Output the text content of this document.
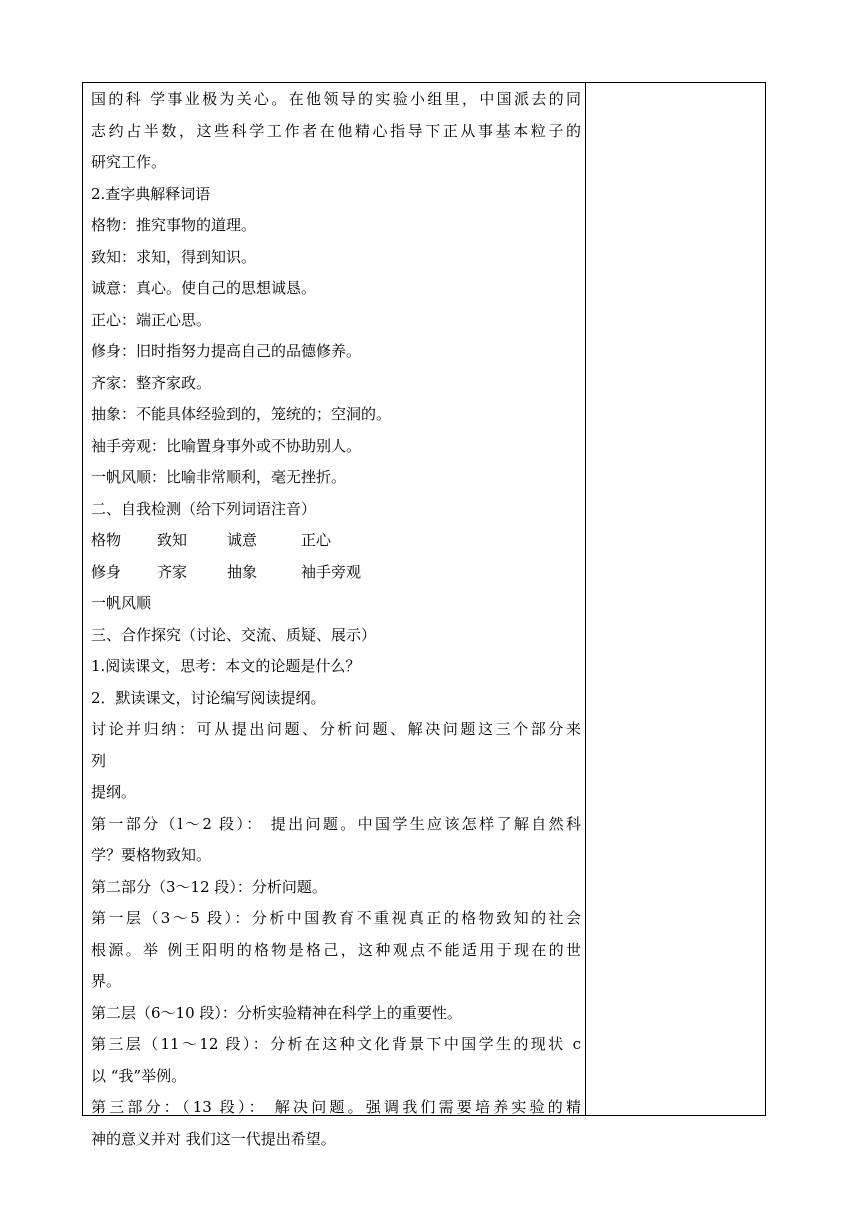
国的科 学事业极为关心。在他领导的实验小组里，中国派去的同
志约占半数，这些科学工作者在他精心指导下正从事基本粒子的
研究工作。
2.查字典解释词语
格物：推究事物的道理。
致知：求知，得到知识。
诚意：真心。使自己的思想诚恳。
正心：端正心思。
修身：旧时指努力提高自己的品德修养。
齐家：整齐家政。
抽象：不能具体经验到的，笼统的；空洞的。
袖手旁观：比喻置身事外或不协助别人。
一帆风顺：比喻非常顺利，毫无挫折。
二、自我检测（给下列词语注音）
格物 致知	诚意	正心
修身 齐家	抽象	袖手旁观
一帆风顺
三、合作探究（讨论、交流、质疑、展示）
1.阅读课文，思考：本文的论题是什么？
2．默读课文，讨论编写阅读提纲。
讨论并归纳：可从提出问题、分析问题、解决问题这三个部分来
列
提纲。
第一部分（l～2 段）： 提出问题。中国学生应该怎样了解自然科
学？要格物致知。
第二部分（3～12 段）：分析问题。
第一层（3～5 段）：分析中国教育不重视真正的格物致知的社会
根源。举 例王阳明的格物是格己，这种观点不能适用于现在的世
界。
第二层（6～10 段）：分析实验精神在科学上的重要性。
第三层（11～12 段）：分析在这种文化背景下中国学生的现状 c
以 “我”举例。
第三部分：（13 段）： 解决问题。强调我们需要培养实验的精
神的意义并对 我们这一代提出希望。
